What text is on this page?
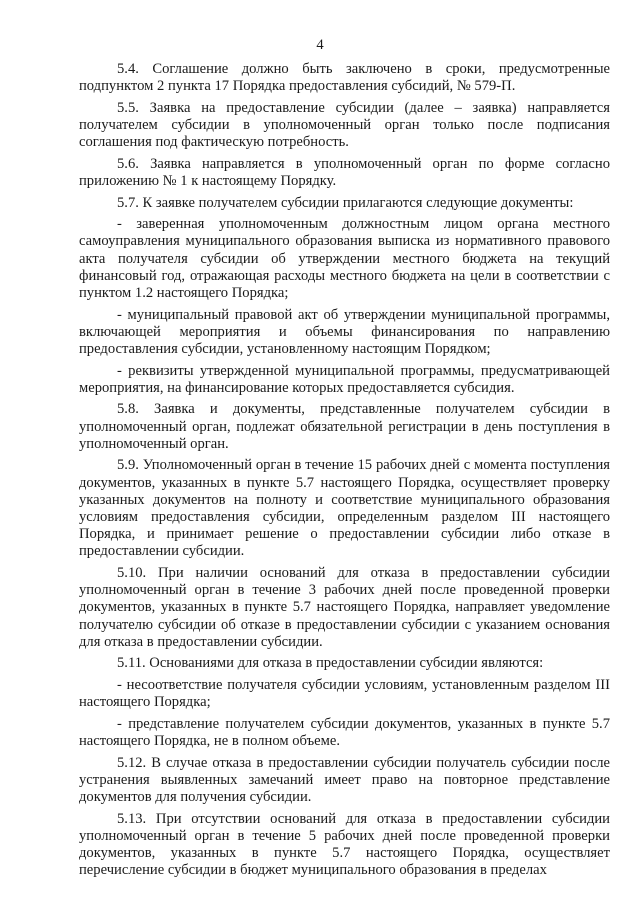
4

5.4. Соглашение должно быть заключено в сроки, предусмотренные подпунктом 2 пункта 17 Порядка предоставления субсидий, № 579-П.

5.5. Заявка на предоставление субсидии (далее – заявка) направляется получателем субсидии в уполномоченный орган только после подписания соглашения под фактическую потребность.

5.6. Заявка направляется в уполномоченный орган по форме согласно приложению № 1 к настоящему Порядку.

5.7. К заявке получателем субсидии прилагаются следующие документы:

- заверенная уполномоченным должностным лицом органа местного самоуправления муниципального образования выписка из нормативного правового акта получателя субсидии об утверждении местного бюджета на текущий финансовый год, отражающая расходы местного бюджета на цели в соответствии с пунктом 1.2 настоящего Порядка;

- муниципальный правовой акт об утверждении муниципальной программы, включающей мероприятия и объемы финансирования по направлению предоставления субсидии, установленному настоящим Порядком;

- реквизиты утвержденной муниципальной программы, предусматривающей мероприятия, на финансирование которых предоставляется субсидия.

5.8. Заявка и документы, представленные получателем субсидии в уполномоченный орган, подлежат обязательной регистрации в день поступления в уполномоченный орган.

5.9. Уполномоченный орган в течение 15 рабочих дней с момента поступления документов, указанных в пункте 5.7 настоящего Порядка, осуществляет проверку указанных документов на полноту и соответствие муниципального образования условиям предоставления субсидии, определенным разделом III настоящего Порядка, и принимает решение о предоставлении субсидии либо отказе в предоставлении субсидии.

5.10. При наличии оснований для отказа в предоставлении субсидии уполномоченный орган в течение 3 рабочих дней после проведенной проверки документов, указанных в пункте 5.7 настоящего Порядка, направляет уведомление получателю субсидии об отказе в предоставлении субсидии с указанием основания для отказа в предоставлении субсидии.

5.11. Основаниями для отказа в предоставлении субсидии являются:

- несоответствие получателя субсидии условиям, установленным разделом III настоящего Порядка;

- представление получателем субсидии документов, указанных в пункте 5.7 настоящего Порядка, не в полном объеме.

5.12. В случае отказа в предоставлении субсидии получатель субсидии после устранения выявленных замечаний имеет право на повторное представление документов для получения субсидии.

5.13. При отсутствии оснований для отказа в предоставлении субсидии уполномоченный орган в течение 5 рабочих дней после проведенной проверки документов, указанных в пункте 5.7 настоящего Порядка, осуществляет перечисление субсидии в бюджет муниципального образования в пределах
